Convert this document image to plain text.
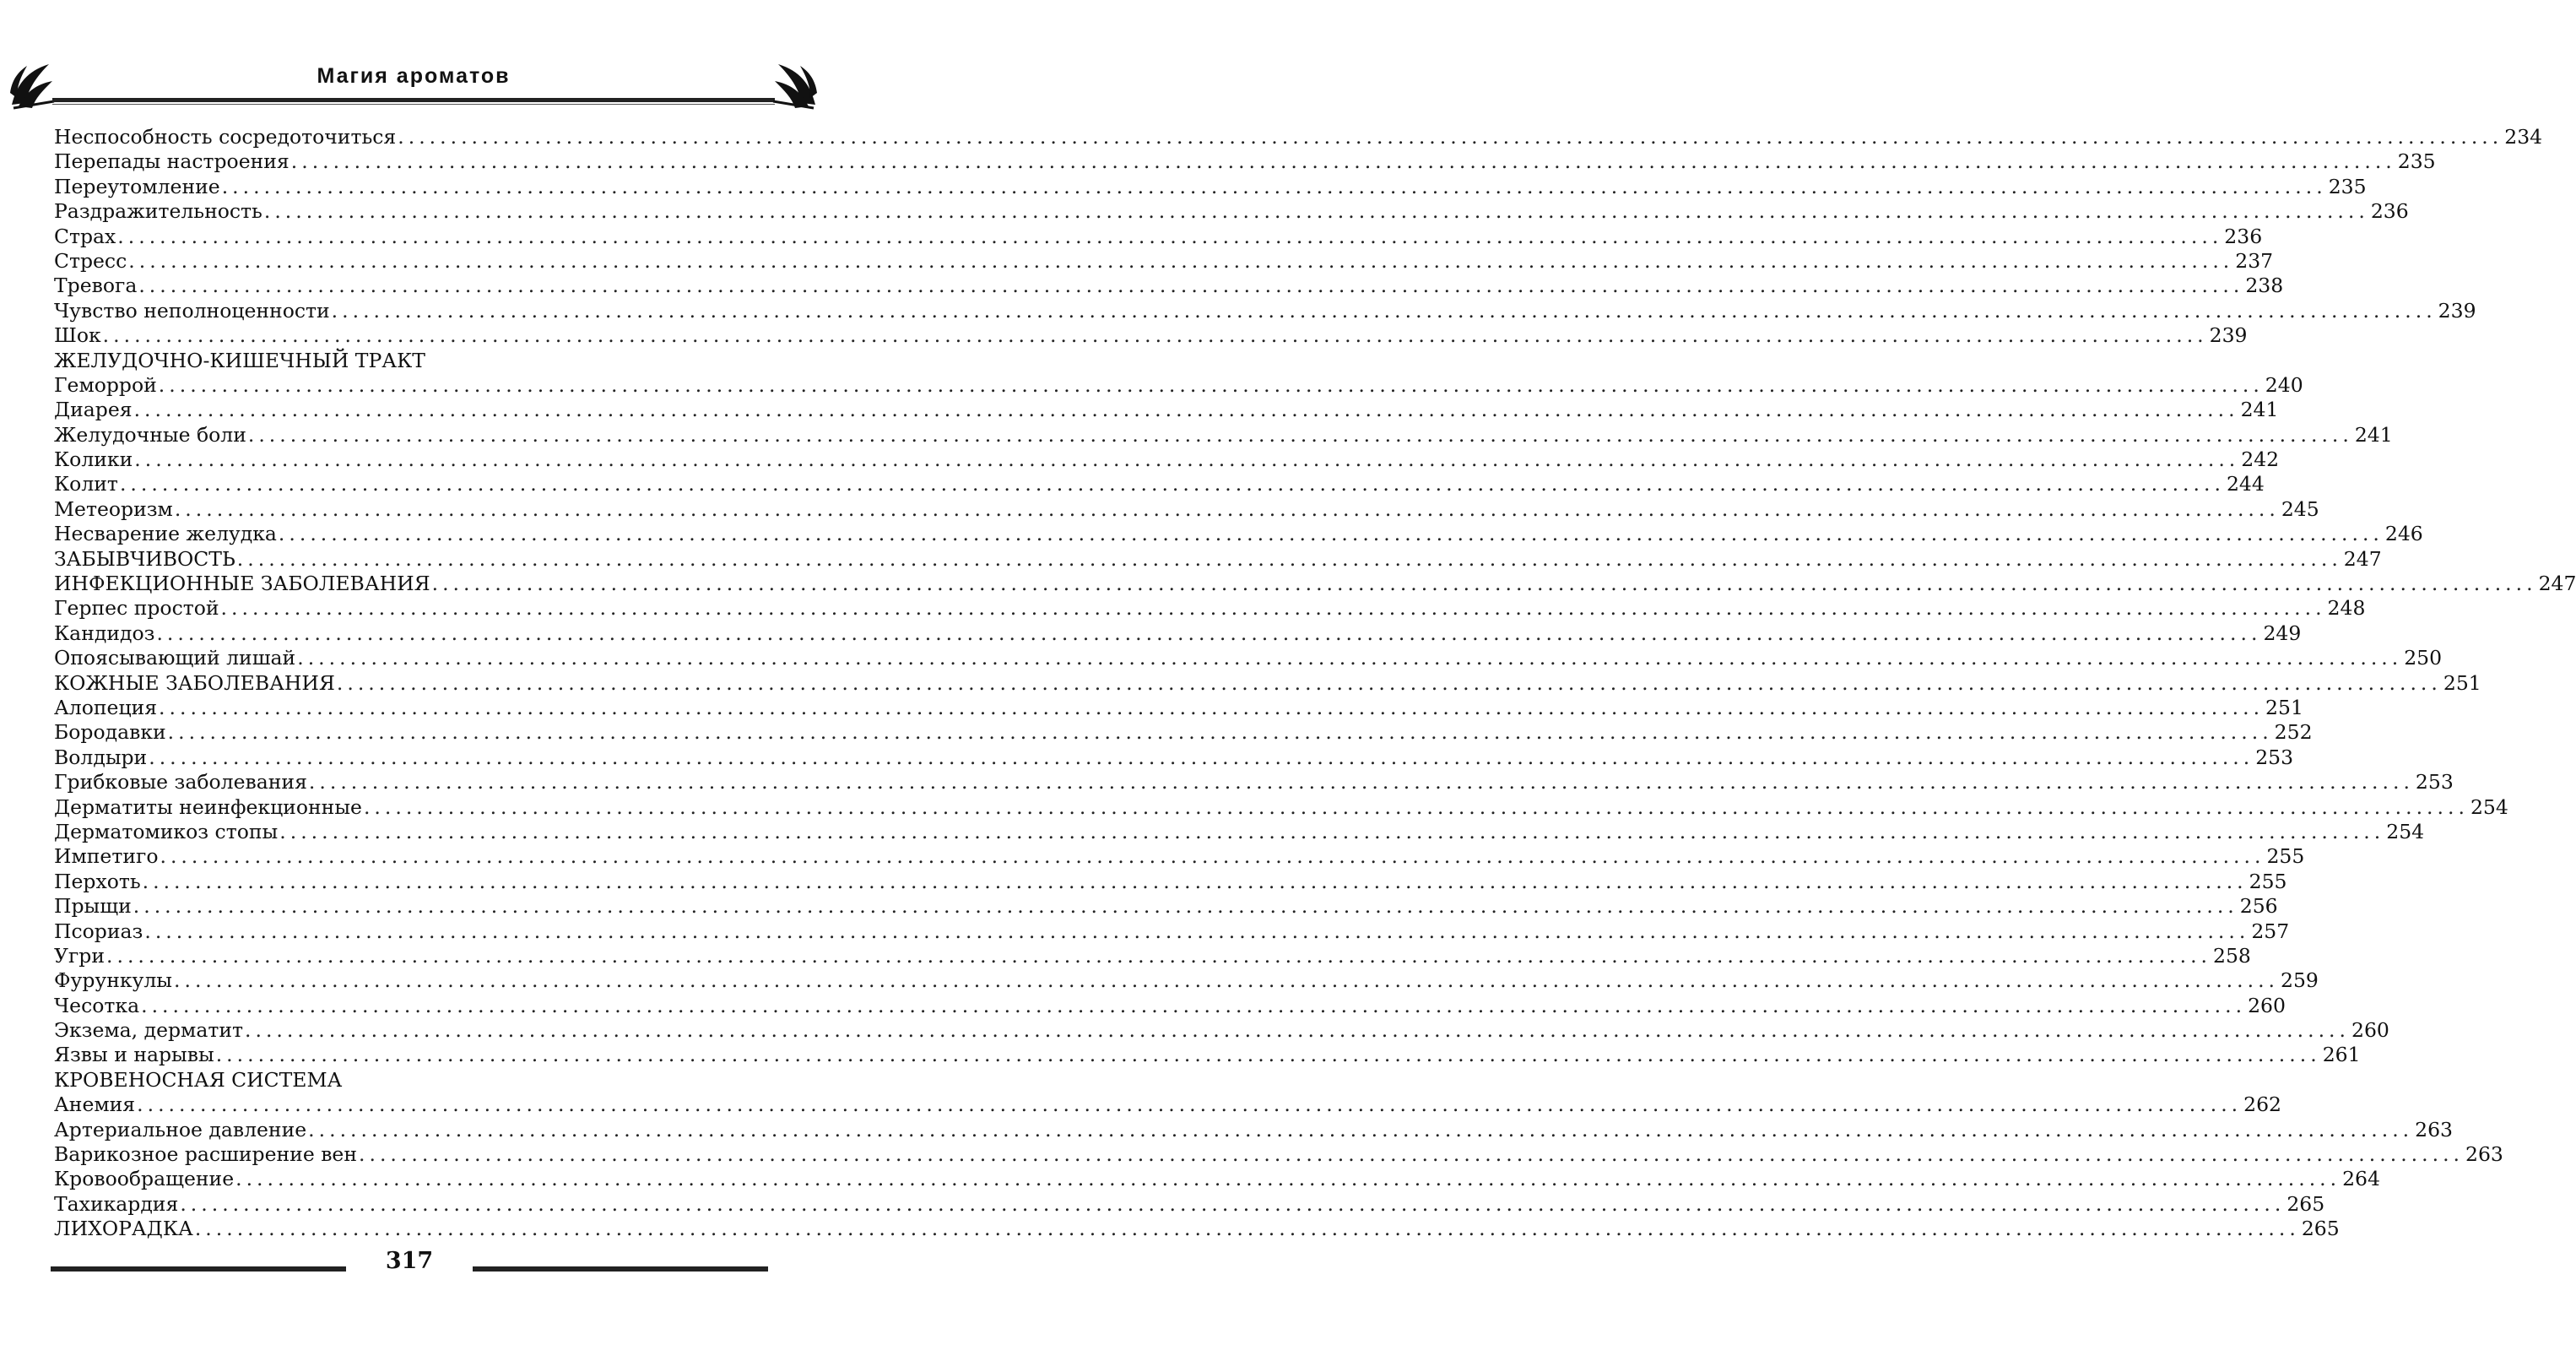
Магия ароматов
Неспособность сосредоточиться ........................................................................................................................................................................................................ 234
Перепады настроения ........................................................................................................................................................................................................ 235
Переутомление ........................................................................................................................................................................................................ 235
Раздражительность ........................................................................................................................................................................................................ 236
Страх ........................................................................................................................................................................................................ 236
Стресс ........................................................................................................................................................................................................ 237
Тревога ........................................................................................................................................................................................................ 238
Чувство неполноценности ........................................................................................................................................................................................................ 239
Шок ........................................................................................................................................................................................................ 239
ЖЕЛУДОЧНО-КИШЕЧНЫЙ ТРАКТ
Геморрой ........................................................................................................................................................................................................ 240
Диарея ........................................................................................................................................................................................................ 241
Желудочные боли ........................................................................................................................................................................................................ 241
Колики ........................................................................................................................................................................................................ 242
Колит ........................................................................................................................................................................................................ 244
Метеоризм ........................................................................................................................................................................................................ 245
Несварение желудка ........................................................................................................................................................................................................ 246
ЗАБЫВЧИВОСТЬ ........................................................................................................................................................................................................ 247
ИНФЕКЦИОННЫЕ ЗАБОЛЕВАНИЯ ........................................................................................................................................................................................................ 247
Герпес простой ........................................................................................................................................................................................................ 248
Кандидоз ........................................................................................................................................................................................................ 249
Опоясывающий лишай ........................................................................................................................................................................................................ 250
КОЖНЫЕ ЗАБОЛЕВАНИЯ ........................................................................................................................................................................................................ 251
Алопеция ........................................................................................................................................................................................................ 251
Бородавки ........................................................................................................................................................................................................ 252
Волдыри ........................................................................................................................................................................................................ 253
Грибковые заболевания ........................................................................................................................................................................................................ 253
Дерматиты неинфекционные ........................................................................................................................................................................................................ 254
Дерматомикоз стопы ........................................................................................................................................................................................................ 254
Импетиго ........................................................................................................................................................................................................ 255
Перхоть ........................................................................................................................................................................................................ 255
Прыщи ........................................................................................................................................................................................................ 256
Псориаз ........................................................................................................................................................................................................ 257
Угри ........................................................................................................................................................................................................ 258
Фурункулы ........................................................................................................................................................................................................ 259
Чесотка ........................................................................................................................................................................................................ 260
Экзема, дерматит ........................................................................................................................................................................................................ 260
Язвы и нарывы ........................................................................................................................................................................................................ 261
КРОВЕНОСНАЯ СИСТЕМА
Анемия ........................................................................................................................................................................................................ 262
Артериальное давление ........................................................................................................................................................................................................ 263
Варикозное расширение вен ........................................................................................................................................................................................................ 263
Кровообращение ........................................................................................................................................................................................................ 264
Тахикардия ........................................................................................................................................................................................................ 265
ЛИХОРАДКА ........................................................................................................................................................................................................ 265
317
